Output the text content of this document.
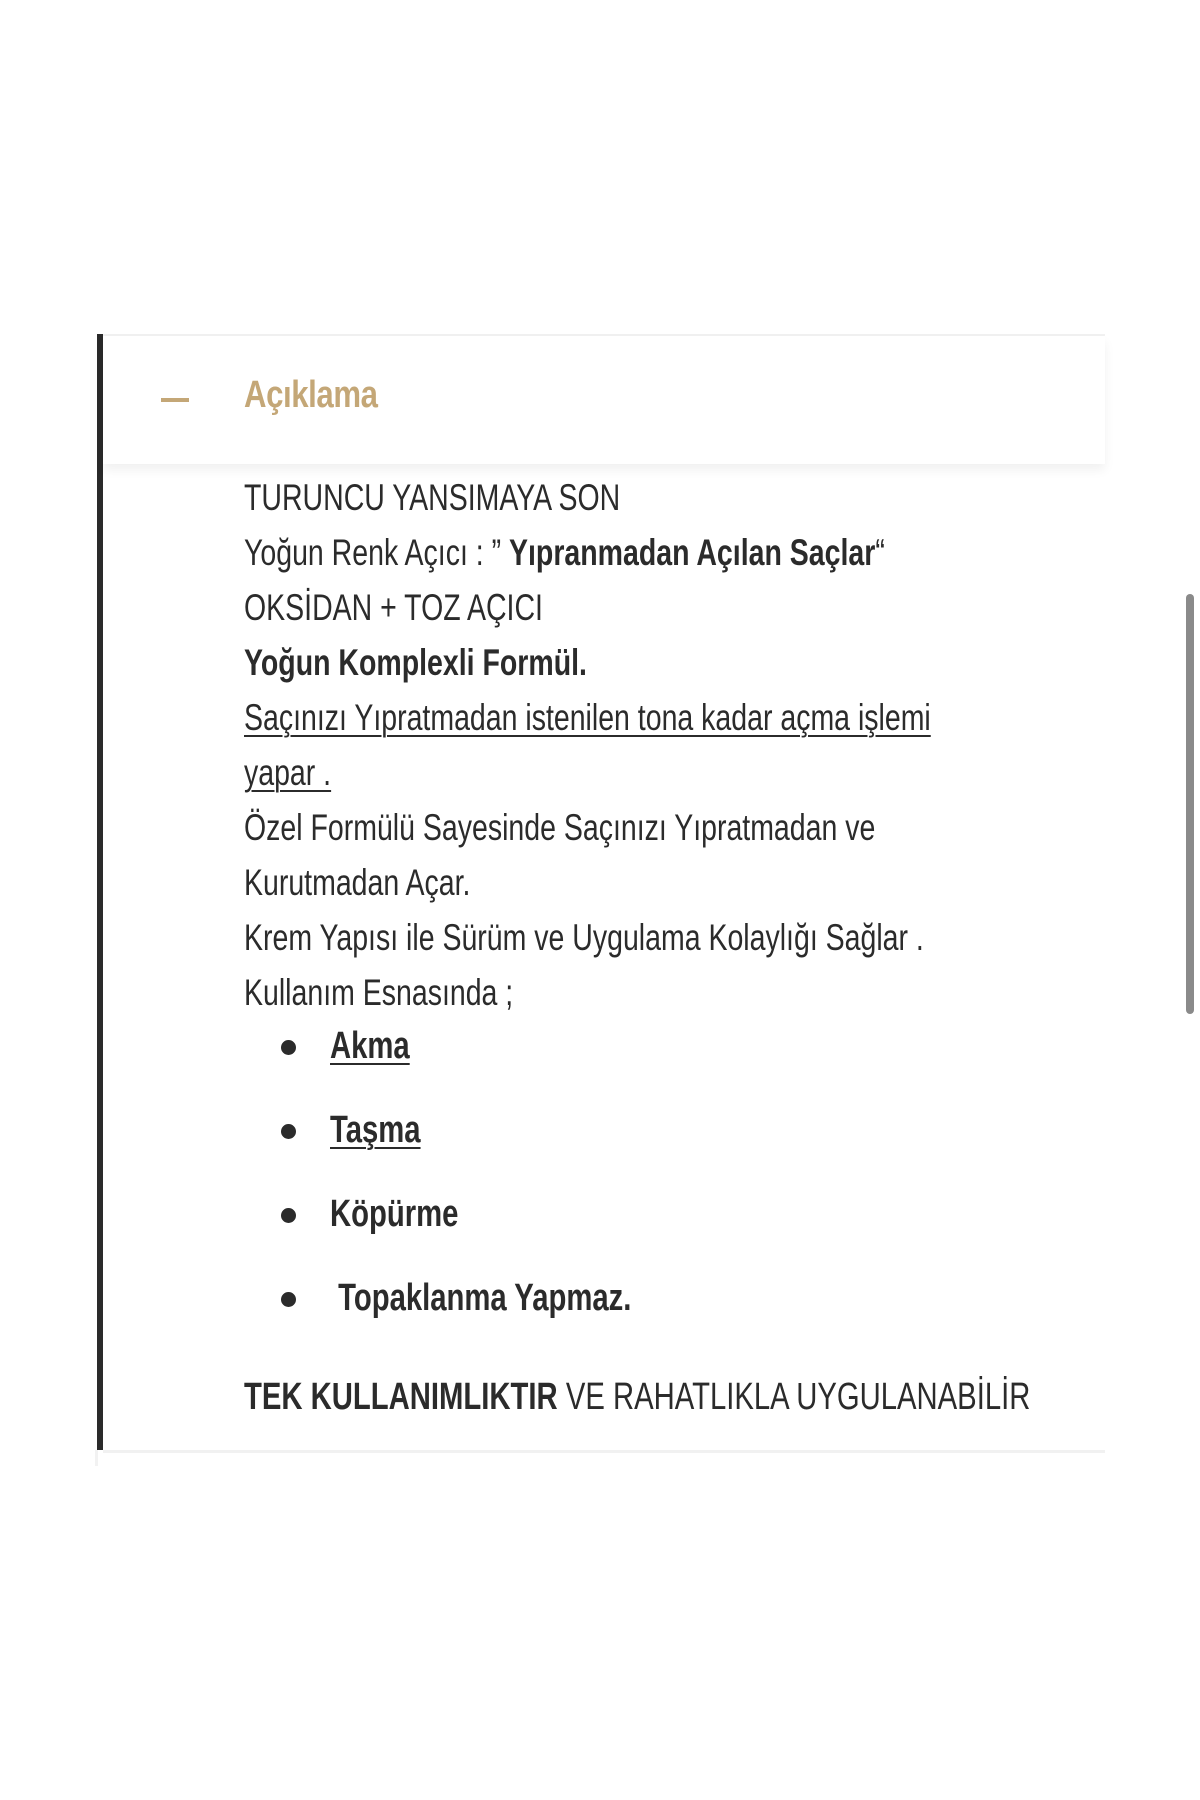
Açıklama
TURUNCU YANSIMAYA SON
Yoğun Renk Açıcı : ” Yıpranmadan Açılan Saçlar“
OKSİDAN + TOZ AÇICI
Yoğun Komplexli Formül.
Saçınızı Yıpratmadan istenilen tona kadar açma işlemi
yapar .
Özel Formülü Sayesinde Saçınızı Yıpratmadan ve
Kurutmadan Açar.
Krem Yapısı ile Sürüm ve Uygulama Kolaylığı Sağlar .
Kullanım Esnasında ;
Akma
Taşma
Köpürme
Topaklanma Yapmaz.
TEK KULLANIMLIKTIR VE RAHATLIKLA UYGULANABİLİR
